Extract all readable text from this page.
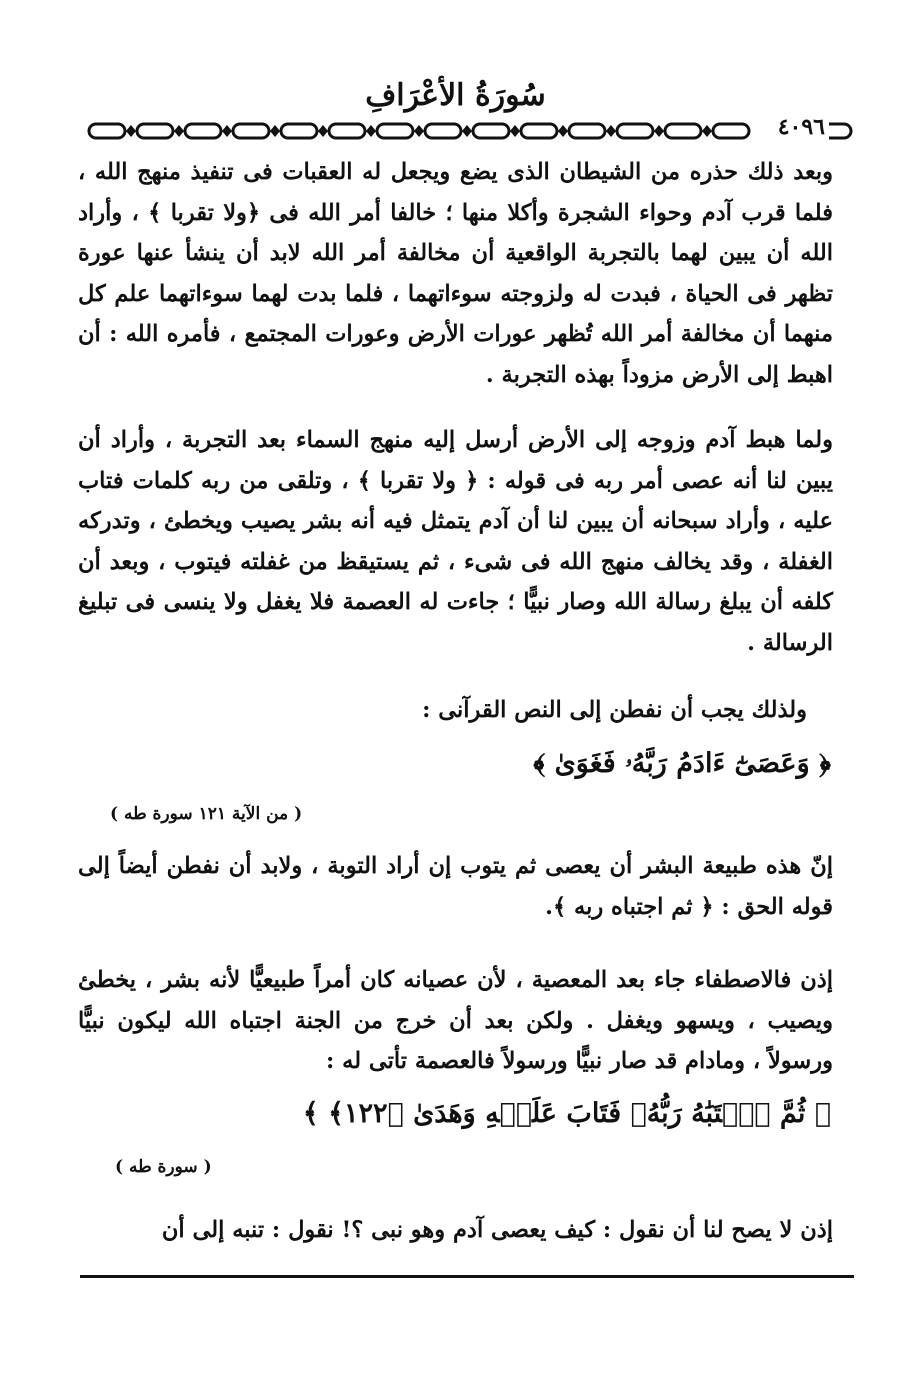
سُورَةُ الأعْرَافِ
٤٠٩٦

وبعد ذلك حذره من الشيطان الذى يضع ويجعل له العقبات فى تنفيذ منهج الله ، فلما قرب آدم وحواء الشجرة وأكلا منها ؛ خالفا أمر الله فى ﴿ولا تقربا ﴾ ، وأراد الله أن يبين لهما بالتجربة الواقعية أن مخالفة أمر الله لابد أن ينشأ عنها عورة تظهر فى الحياة ، فبدت له ولزوجته سوءاتهما ، فلما بدت لهما سوءاتهما علم كل منهما أن مخالفة أمر الله تُظهر عورات الأرض وعورات المجتمع ، فأمره الله : أن اهبط إلى الأرض مزوداً بهذه التجربة .

ولما هبط آدم وزوجه إلى الأرض أرسل إليه منهج السماء بعد التجربة ، وأراد أن يبين لنا أنه عصى أمر ربه فى قوله : ﴿ ولا تقربا ﴾ ، وتلقى من ربه كلمات فتاب عليه ، وأراد سبحانه أن يبين لنا أن آدم يتمثل فيه أنه بشر يصيب ويخطئ ، وتدركه الغفلة ، وقد يخالف منهج الله فى شىء ، ثم يستيقظ من غفلته فيتوب ، وبعد أن كلفه أن يبلغ رسالة الله وصار نبيًّا ؛ جاءت له العصمة فلا يغفل ولا ينسى فى تبليغ الرسالة .

ولذلك يجب أن نفطن إلى النص القرآنى :

﴿ وَعَصَىٰٓ ءَادَمُ رَبَّهُۥ فَغَوَىٰ ﴾
( من الآية ١٢١ سورة طه )

إنّ هذه طبيعة البشر أن يعصى ثم يتوب إن أراد التوبة ، ولابد أن نفطن أيضاً إلى قوله الحق : ﴿ ثم اجتباه ربه ﴾.

إذن فالاصطفاء جاء بعد المعصية ، لأن عصيانه كان أمراً طبيعيًّا لأنه بشر ، يخطئ ويصيب ، ويسهو ويغفل . ولكن بعد أن خرج من الجنة اجتباه الله ليكون نبيًّا ورسولاً ، ومادام قد صار نبيًّا ورسولاً فالعصمة تأتى له :

﴿ ثُمَّ ٱجۡتَبَٰهُ رَبُّهُۥ فَتَابَ عَلَيۡهِ وَهَدَىٰ ﴿١٢٢﴾ ﴾
( سورة طه )

إذن لا يصح لنا أن نقول : كيف يعصى آدم وهو نبى ؟! نقول : تنبه إلى أن
